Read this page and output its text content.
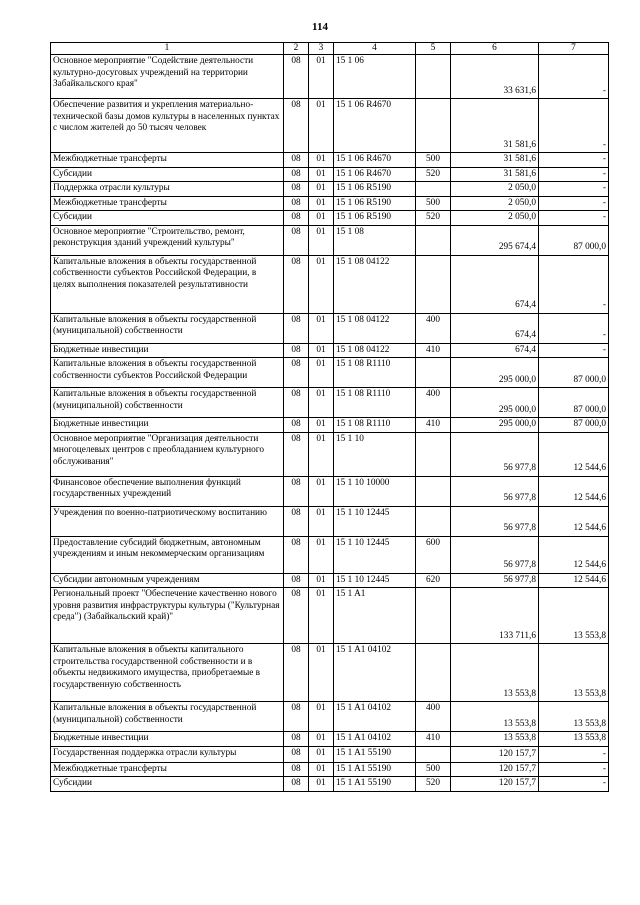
114
1	2	3	4	5	6	7
Основное мероприятие "Содействие деятельности культурно-досуговых учреждений на территории Забайкальского края"	08	01	15 1 06		33 631,6	-
Обеспечение развития и укрепления материально-технической базы домов культуры в населенных пунктах с числом жителей до 50 тысяч человек	08	01	15 1 06 R4670		31 581,6	-
Межбюджетные трансферты	08	01	15 1 06 R4670	500	31 581,6	-
Субсидии	08	01	15 1 06 R4670	520	31 581,6	-
Поддержка отрасли культуры	08	01	15 1 06 R5190		2 050,0	-
Межбюджетные трансферты	08	01	15 1 06 R5190	500	2 050,0	-
Субсидии	08	01	15 1 06 R5190	520	2 050,0	-
Основное мероприятие "Строительство, ремонт, реконструкция зданий учреждений культуры"	08	01	15 1 08		295 674,4	87 000,0
Капитальные вложения в объекты государственной собственности субъектов Российской Федерации, в целях выполнения показателей результативности	08	01	15 1 08 04122		674,4	-
Капитальные вложения в объекты государственной (муниципальной) собственности	08	01	15 1 08 04122	400	674,4	-
Бюджетные инвестиции	08	01	15 1 08 04122	410	674,4	-
Капитальные вложения в объекты государственной собственности субъектов Российской Федерации	08	01	15 1 08 R1110		295 000,0	87 000,0
Капитальные вложения в объекты государственной (муниципальной) собственности	08	01	15 1 08 R1110	400	295 000,0	87 000,0
Бюджетные инвестиции	08	01	15 1 08 R1110	410	295 000,0	87 000,0
Основное мероприятие "Организация деятельности многоцелевых центров с преобладанием культурного обслуживания"	08	01	15 1 10		56 977,8	12 544,6
Финансовое обеспечение выполнения функций государственных учреждений	08	01	15 1 10 10000		56 977,8	12 544,6
Учреждения по военно-патриотическому воспитанию	08	01	15 1 10 12445		56 977,8	12 544,6
Предоставление субсидий бюджетным, автономным учреждениям и иным некоммерческим организациям	08	01	15 1 10 12445	600	56 977,8	12 544,6
Субсидии автономным учреждениям	08	01	15 1 10 12445	620	56 977,8	12 544,6
Региональный проект "Обеспечение качественно нового уровня развития инфраструктуры культуры ("Культурная среда") (Забайкальский край)"	08	01	15 1 A1		133 711,6	13 553,8
Капитальные вложения в объекты капитального строительства государственной собственности и в объекты недвижимого имущества, приобретаемые в государственную собственность	08	01	15 1 A1 04102		13 553,8	13 553,8
Капитальные вложения в объекты государственной (муниципальной) собственности	08	01	15 1 A1 04102	400	13 553,8	13 553,8
Бюджетные инвестиции	08	01	15 1 A1 04102	410	13 553,8	13 553,8
Государственная поддержка отрасли культуры	08	01	15 1 A1 55190		120 157,7	-
Межбюджетные трансферты	08	01	15 1 A1 55190	500	120 157,7	-
Субсидии	08	01	15 1 A1 55190	520	120 157,7	-
